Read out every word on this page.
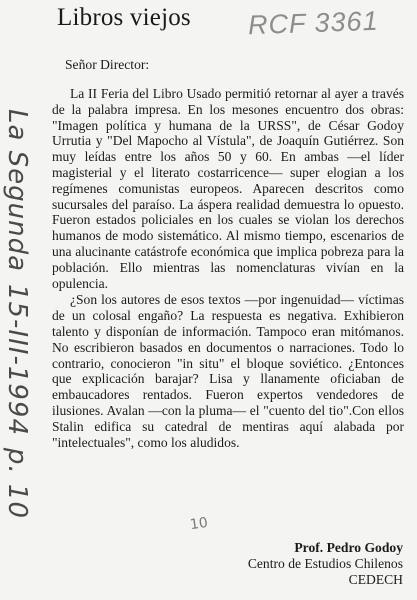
Libros viejos RCF 3361
La Segunda
15-III-1994
p. 10
Señor Director:

La II Feria del Libro Usado permitió retornar al ayer a través de la palabra impresa. En los mesones encuentro dos obras: "Imagen política y humana de la URSS", de César Godoy Urrutia y "Del Mapocho al Vístula", de Joaquín Gutiérrez. Son muy leídas entre los años 50 y 60. En ambas —el líder magisterial y el literato costarricence— super elogian a los regímenes comunistas europeos. Aparecen descritos como sucursales del paraíso. La áspera realidad demuestra lo opuesto. Fueron estados policiales en los cuales se violan los derechos humanos de modo sistemático. Al mismo tiempo, escenarios de una alucinante catástrofe económica que implica pobreza para la población. Ello mientras las nomenclaturas vivían en la opulencia.

¿Son los autores de esos textos —por ingenuidad— víctimas de un colosal engaño? La respuesta es negativa. Exhibieron talento y disponían de información. Tampoco eran mitómanos. No escribieron basados en documentos o narraciones. Todo lo contrario, conocieron "in situ" el bloque soviético. ¿Entonces que explicación barajar? Lisa y llanamente oficiaban de embaucadores rentados. Fueron expertos vendedores de ilusiones. Avalan —con la pluma— el "cuento del tio".Con ellos Stalin edifica su catedral de mentiras aquí alabada por "intelectuales", como los aludidos.

10
Prof. Pedro Godoy
Centro de Estudios Chilenos
CEDECH
